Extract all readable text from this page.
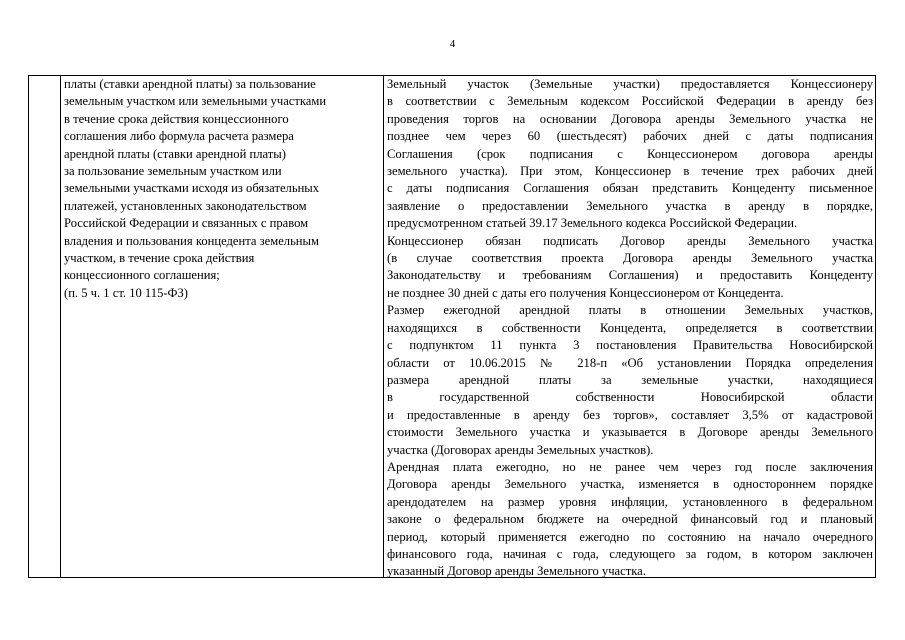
4
платы (ставки арендной платы) за пользование
земельным участком или земельными участками
в течение срока действия концессионного
соглашения либо формула расчета размера
арендной платы (ставки арендной платы)
за пользование земельным участком или
земельными участками исходя из обязательных
платежей, установленных законодательством
Российской Федерации и связанных с правом
владения и пользования концедента земельным
участком, в течение срока действия
концессионного соглашения;
(п. 5 ч. 1 ст. 10 115-ФЗ)
Земельный участок (Земельные участки) предоставляется Концессионеру
в соответствии с Земельным кодексом Российской Федерации в аренду без
проведения торгов на основании Договора аренды Земельного участка не
позднее чем через 60 (шестьдесят) рабочих дней с даты подписания
Соглашения (срок подписания с Концессионером договора аренды
земельного участка). При этом, Концессионер в течение трех рабочих дней
с даты подписания Соглашения обязан представить Концеденту письменное
заявление о предоставлении Земельного участка в аренду в порядке,
предусмотренном статьей 39.17 Земельного кодекса Российской Федерации.
Концессионер обязан подписать Договор аренды Земельного участка
(в случае соответствия проекта Договора аренды Земельного участка
Законодательству и требованиям Соглашения) и предоставить Концеденту
не позднее 30 дней с даты его получения Концессионером от Концедента.
Размер ежегодной арендной платы в отношении Земельных участков,
находящихся в собственности Концедента, определяется в соответствии
с подпунктом 11 пункта 3 постановления Правительства Новосибирской
области от 10.06.2015 № 218-п «Об установлении Порядка определения
размера арендной платы за земельные участки, находящиеся
в государственной собственности Новосибирской области
и предоставленные в аренду без торгов», составляет 3,5% от кадастровой
стоимости Земельного участка и указывается в Договоре аренды Земельного
участка (Договорах аренды Земельных участков).
Арендная плата ежегодно, но не ранее чем через год после заключения
Договора аренды Земельного участка, изменяется в одностороннем порядке
арендодателем на размер уровня инфляции, установленного в федеральном
законе о федеральном бюджете на очередной финансовый год и плановый
период, который применяется ежегодно по состоянию на начало очередного
финансового года, начиная с года, следующего за годом, в котором заключен
указанный Договор аренды Земельного участка.
